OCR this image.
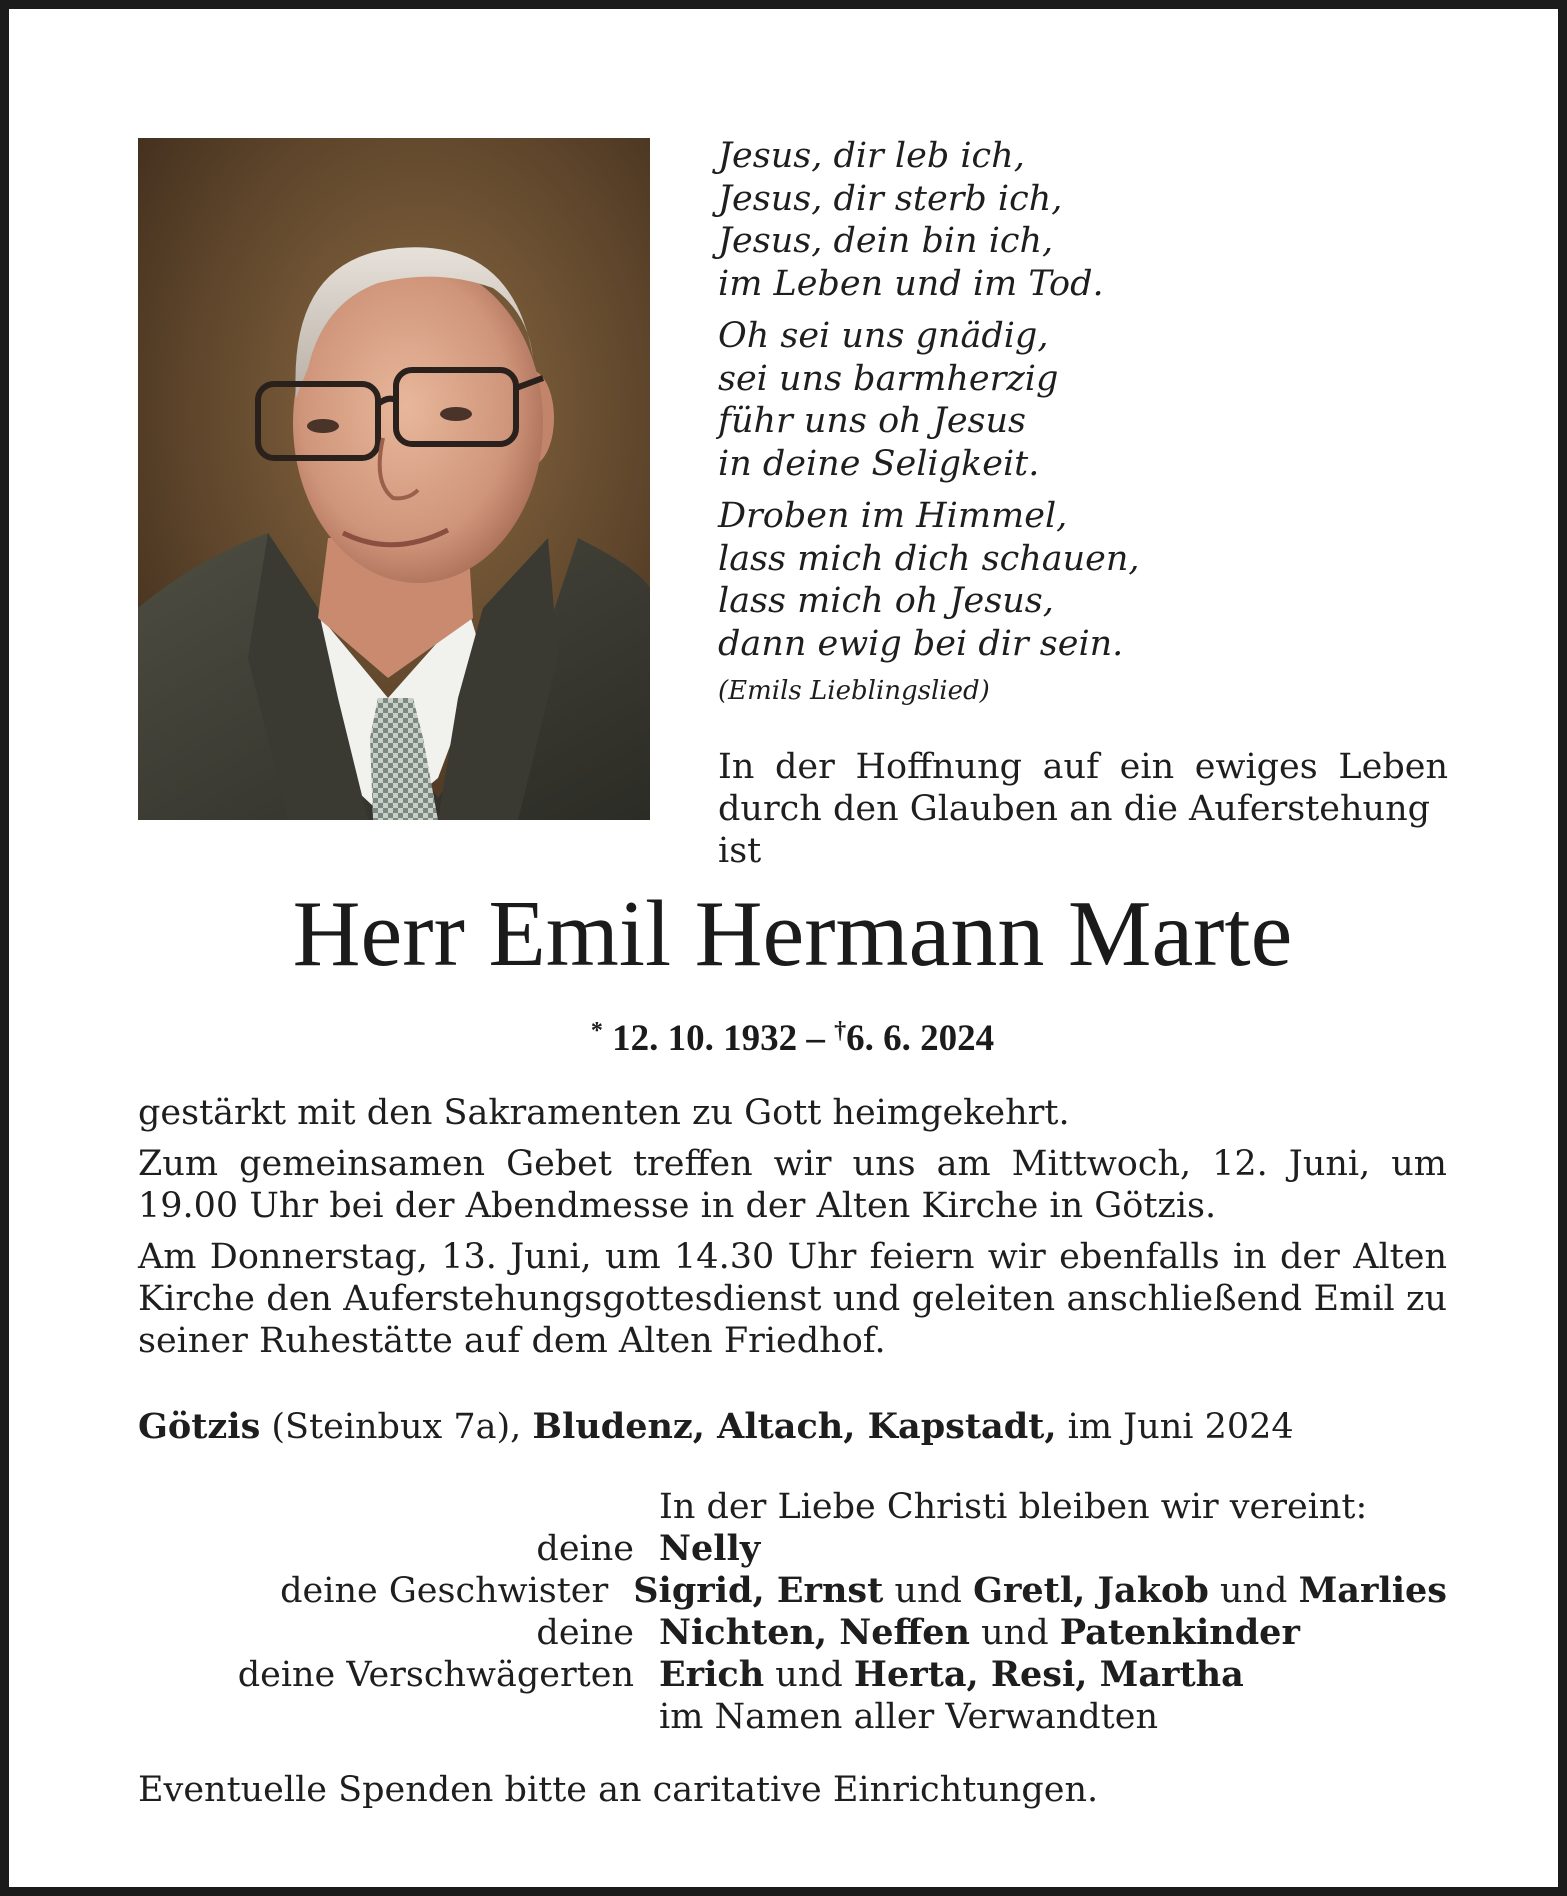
Jesus, dir leb ich,
Jesus, dir sterb ich,
Jesus, dein bin ich,
im Leben und im Tod.
Oh sei uns gnädig,
sei uns barmherzig
führ uns oh Jesus
in deine Seligkeit.
Droben im Himmel,
lass mich dich schauen,
lass mich oh Jesus,
dann ewig bei dir sein.
(Emils Lieblingslied)
In der Hoffnung auf ein ewiges Leben
durch den Glauben an die Auferstehung ist
Herr Emil Hermann Marte
* 12. 10. 1932 – †6. 6. 2024

gestärkt mit den Sakramenten zu Gott heimgekehrt.

Zum gemeinsamen Gebet treffen wir uns am Mittwoch, 12. Juni, um 19.00 Uhr bei der Abendmesse in der Alten Kirche in Götzis.

Am Donnerstag, 13. Juni, um 14.30 Uhr feiern wir ebenfalls in der Alten Kirche den Auferstehungsgottesdienst und geleiten anschließend Emil zu seiner Ruhestätte auf dem Alten Friedhof.

Götzis (Steinbux 7a), Bludenz, Altach, Kapstadt, im Juni 2024
In der Liebe Christi bleiben wir vereint:
deine Nelly
deine Geschwister Sigrid, Ernst und Gretl, Jakob und Marlies
deine Nichten, Neffen und Patenkinder
deine Verschwägerten Erich und Herta, Resi, Martha
im Namen aller Verwandten
Eventuelle Spenden bitte an caritative Einrichtungen.
